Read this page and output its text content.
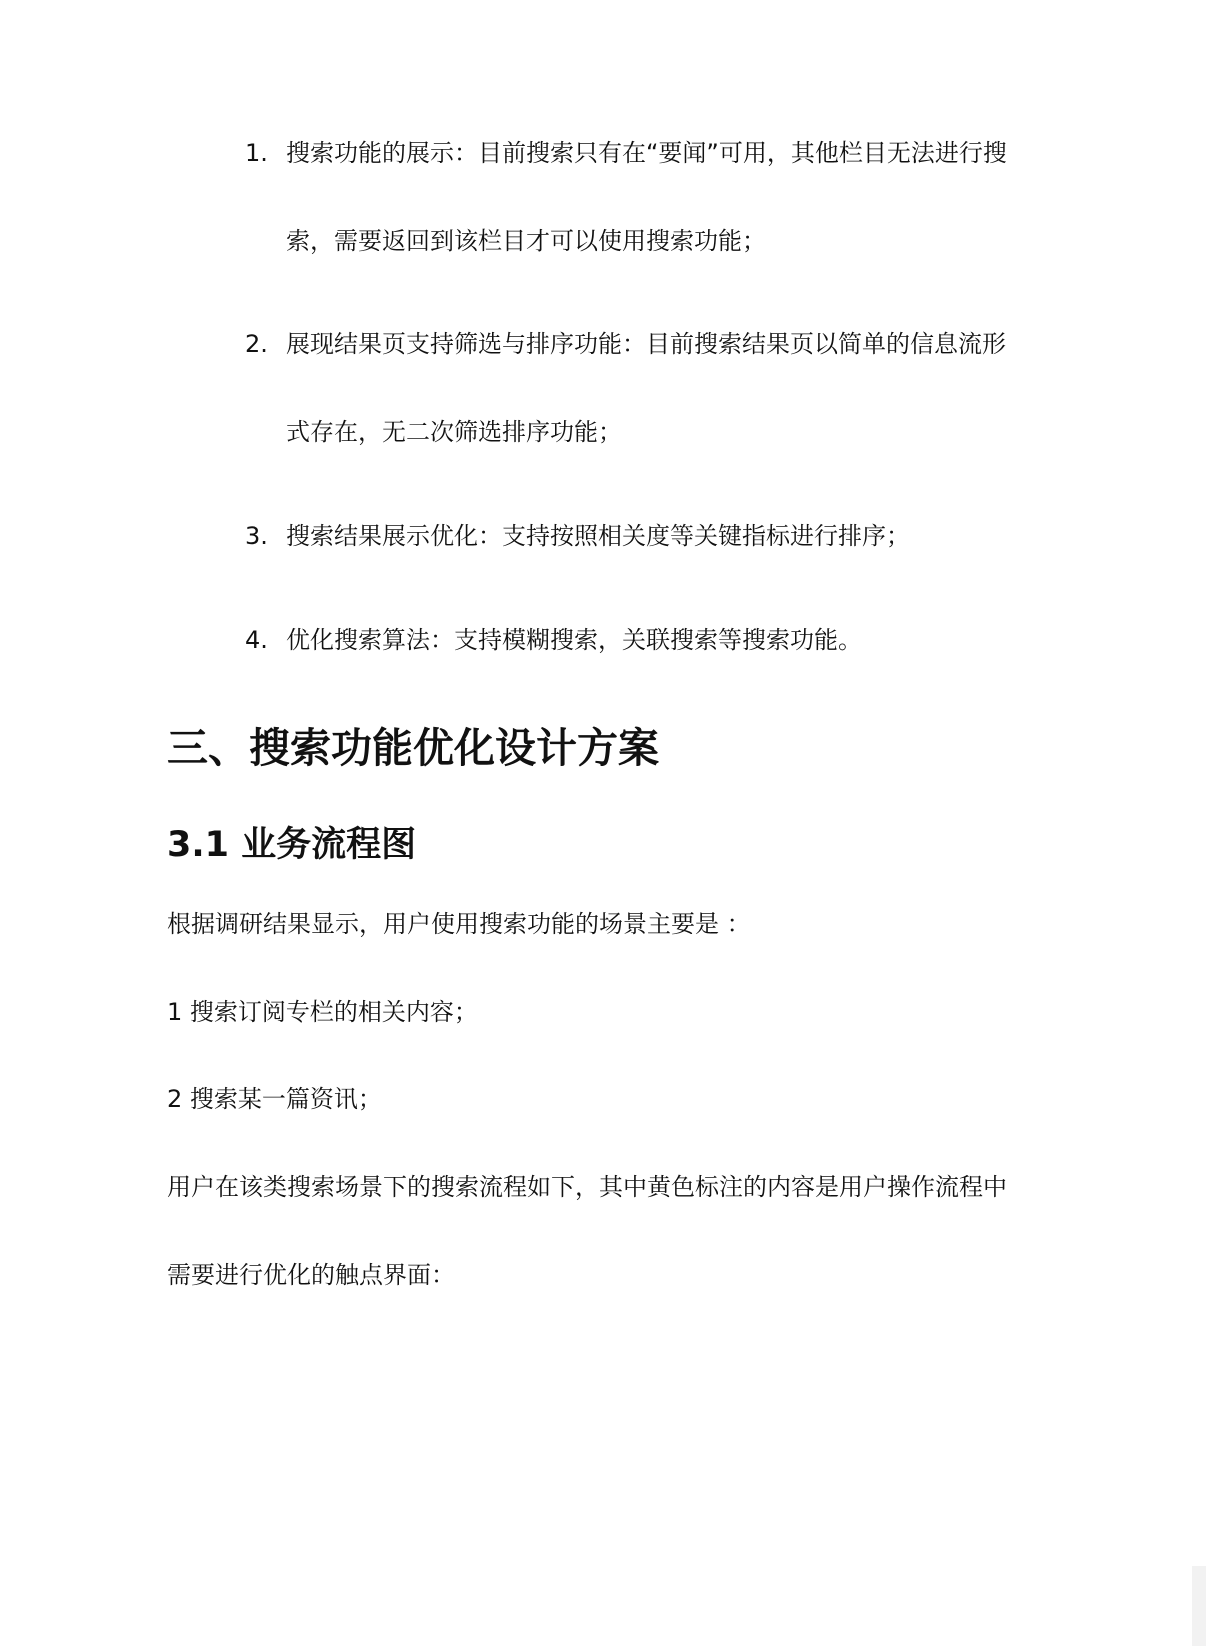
1. 搜索功能的展示：目前搜索只有在“要闻”可用，其他栏目无法进行搜索，需要返回到该栏目才可以使用搜索功能；
2. 展现结果页支持筛选与排序功能：目前搜索结果页以简单的信息流形式存在，无二次筛选排序功能；
3. 搜索结果展示优化：支持按照相关度等关键指标进行排序；
4. 优化搜索算法：支持模糊搜索，关联搜索等搜索功能。
三、搜索功能优化设计方案
3.1 业务流程图
根据调研结果显示，用户使用搜索功能的场景主要是 ：
1 搜索订阅专栏的相关内容；
2 搜索某一篇资讯；
用户在该类搜索场景下的搜索流程如下，其中黄色标注的内容是用户操作流程中需要进行优化的触点界面：
